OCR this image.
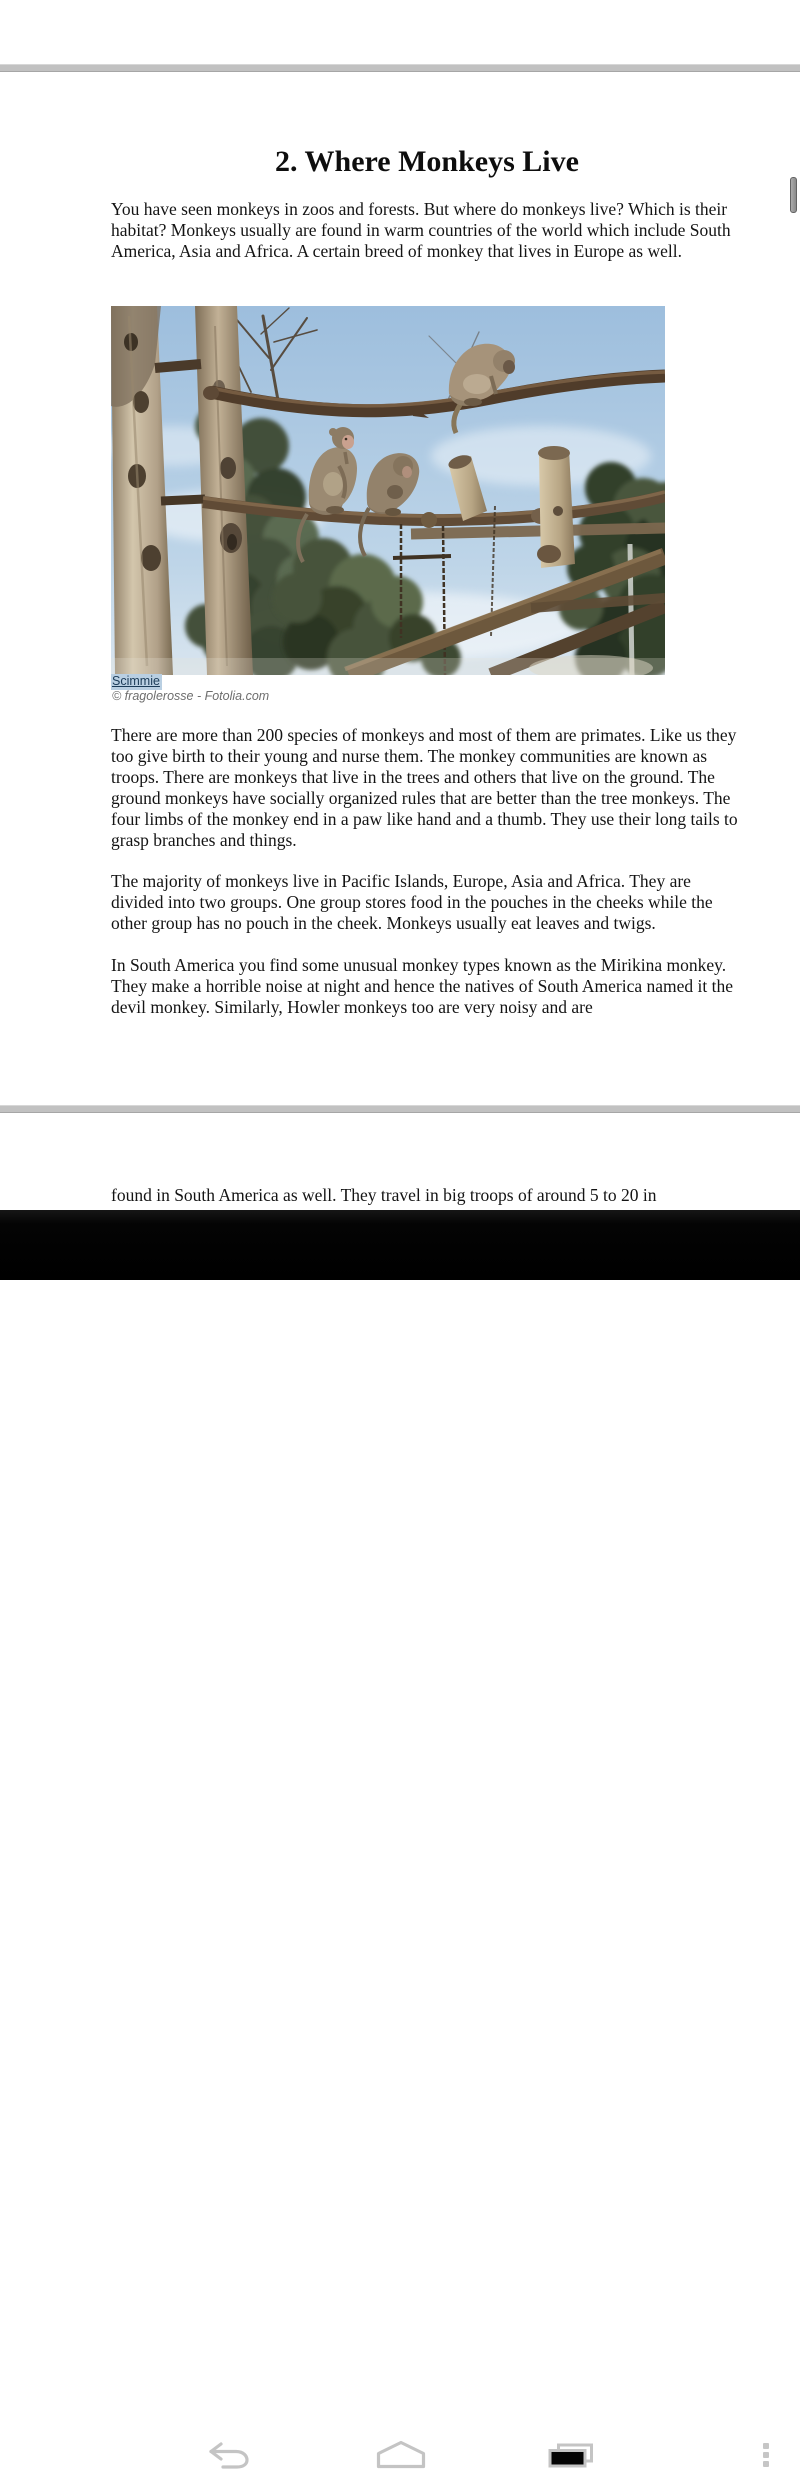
2. Where Monkeys Live

You have seen monkeys in zoos and forests. But where do monkeys live? Which is their habitat? Monkeys usually are found in warm countries of the world which include South America, Asia and Africa. A certain breed of monkey that lives in Europe as well.

Scimmie
© fragolerosse - Fotolia.com

There are more than 200 species of monkeys and most of them are primates. Like us they too give birth to their young and nurse them. The monkey communities are known as troops. There are monkeys that live in the trees and others that live on the ground. The ground monkeys have socially organized rules that are better than the tree monkeys. The four limbs of the monkey end in a paw like hand and a thumb. They use their long tails to grasp branches and things.

The majority of monkeys live in Pacific Islands, Europe, Asia and Africa. They are divided into two groups. One group stores food in the pouches in the cheeks while the other group has no pouch in the cheek. Monkeys usually eat leaves and twigs.

In South America you find some unusual monkey types known as the Mirikina monkey. They make a horrible noise at night and hence the natives of South America named it the devil monkey. Similarly, Howler monkeys too are very noisy and are

found in South America as well. They travel in big troops of around 5 to 20 in
